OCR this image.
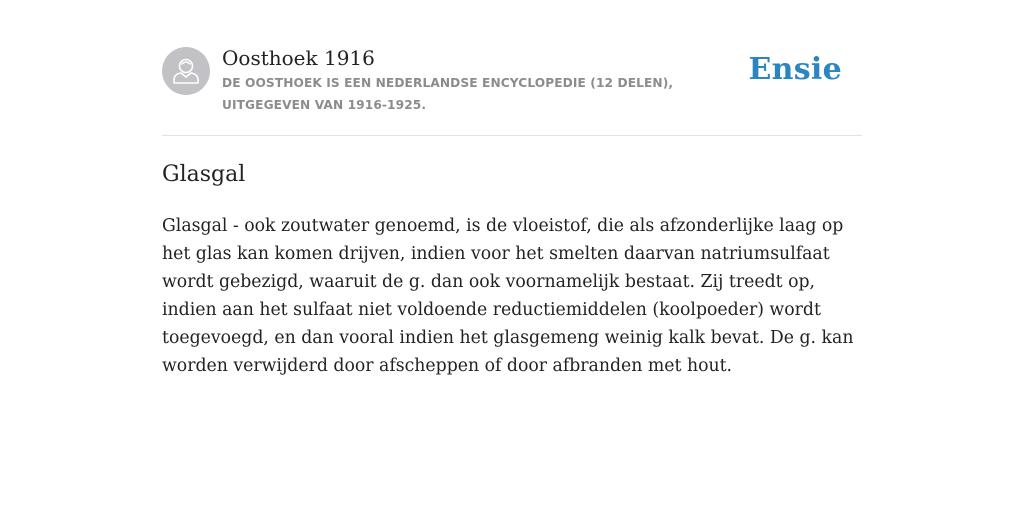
Oosthoek 1916
DE OOSTHOEK IS EEN NEDERLANDSE ENCYCLOPEDIE (12 DELEN), UITGEGEVEN VAN 1916-1925.
Ensie
Glasgal

Glasgal - ook zoutwater genoemd, is de vloeistof, die als afzonderlijke laag op het glas kan komen drijven, indien voor het smelten daarvan natriumsulfaat wordt gebezigd, waaruit de g. dan ook voornamelijk bestaat. Zij treedt op, indien aan het sulfaat niet voldoende reductiemiddelen (koolpoeder) wordt toegevoegd, en dan vooral indien het glasgemeng weinig kalk bevat. De g. kan worden verwijderd door afscheppen of door afbranden met hout.
